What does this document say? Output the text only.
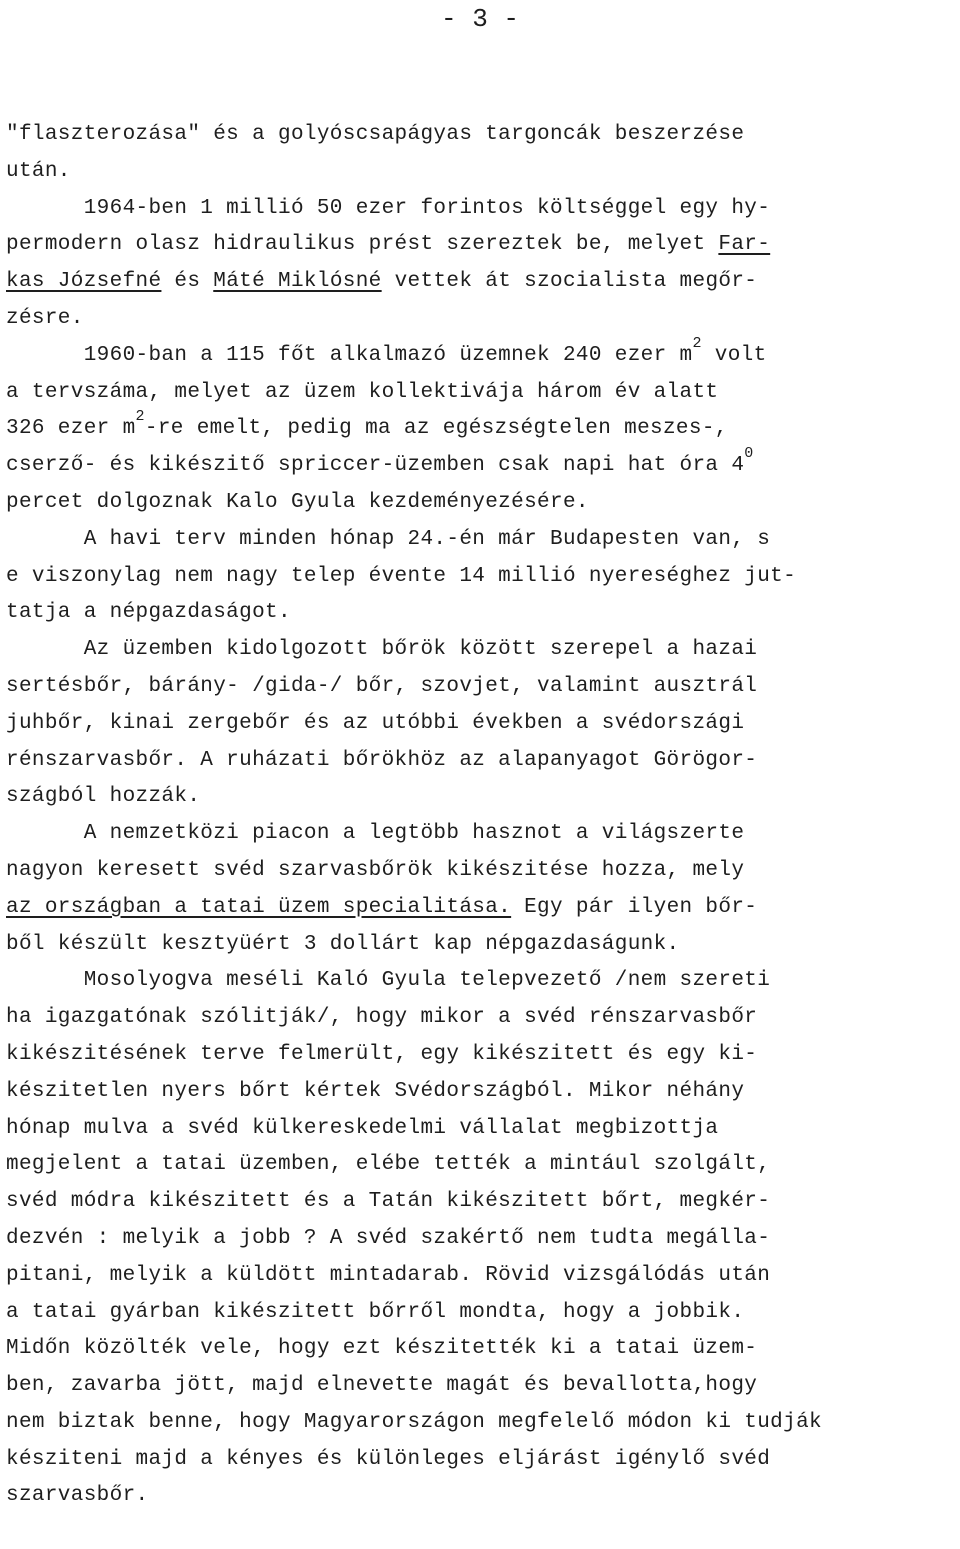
- 3 -
"flaszterozása" és a golyóscsapágyas targoncák beszerzése
után.
1964-ben 1 millió 50 ezer forintos költséggel egy hy-
permodern olasz hidraulikus prést szereztek be, melyet Far-
kas Józsefné és Máté Miklósné vettek át szocialista megőr-
zésre.
1960-ban a 115 főt alkalmazó üzemnek 240 ezer $m^2$ volt
a tervszáma, melyet az üzem kollektivája három év alatt
326 ezer $m^2-re$ emelt, pedig ma az egészségtelen meszes-,
cserző- és kikészitő spriccer-üzemben csak napi hat óra $4^0$
percet dolgoznak Kalo Gyula kezdeményezésére.
A havi terv minden hónap 24.-én már Budapesten van, s
e viszonylag nem nagy telep évente 14 millió nyereséghez jut-
tatja a népgazdaságot.
Az üzemben kidolgozott bőrök között szerepel a hazai
sertésbőr, bárány- /gida-/ bőr, szovjet, valamint ausztrál
juhbőr, kinai zergebőr és az utóbbi években a svédországi
rénszarvasbőr. A ruházati bőrökhöz az alapanyagot Görögor-
szágból hozzák.
A nemzetközi piacon a legtöbb hasznot a világszerte
nagyon keresett svéd szarvasbőrök kikészitése hozza, mely
az országban a tatai üzem specialitása. Egy pár ilyen bőr-
ből készült kesztyüért 3 dollárt kap népgazdaságunk.
Mosolyogva meséli Kaló Gyula telepvezető /nem szereti
ha igazgatónak szólitják/, hogy mikor a svéd rénszarvasbőr
kikészitésének terve felmerült, egy kikészitett és egy ki-
készitetlen nyers bőrt kértek Svédországból. Mikor néhány
hónap mulva a svéd külkereskedelmi vállalat megbizottja
megjelent a tatai üzemben, elébe tették a mintául szolgált,
svéd módra kikészitett és a Tatán kikészitett bőrt, megkér-
dezvén : melyik a jobb ? A svéd szakértő nem tudta megálla-
pitani, melyik a küldött mintadarab. Rövid vizsgálódás után
a tatai gyárban kikészitett bőrről mondta, hogy a jobbik.
Midőn közölték vele, hogy ezt készitették ki a tatai üzem-
ben, zavarba jött, majd elnevette magát és bevallotta,hogy
nem biztak benne, hogy Magyarországon megfelelő módon ki tudják
késziteni majd a kényes és különleges eljárást igénylő svéd
szarvasbőr.
